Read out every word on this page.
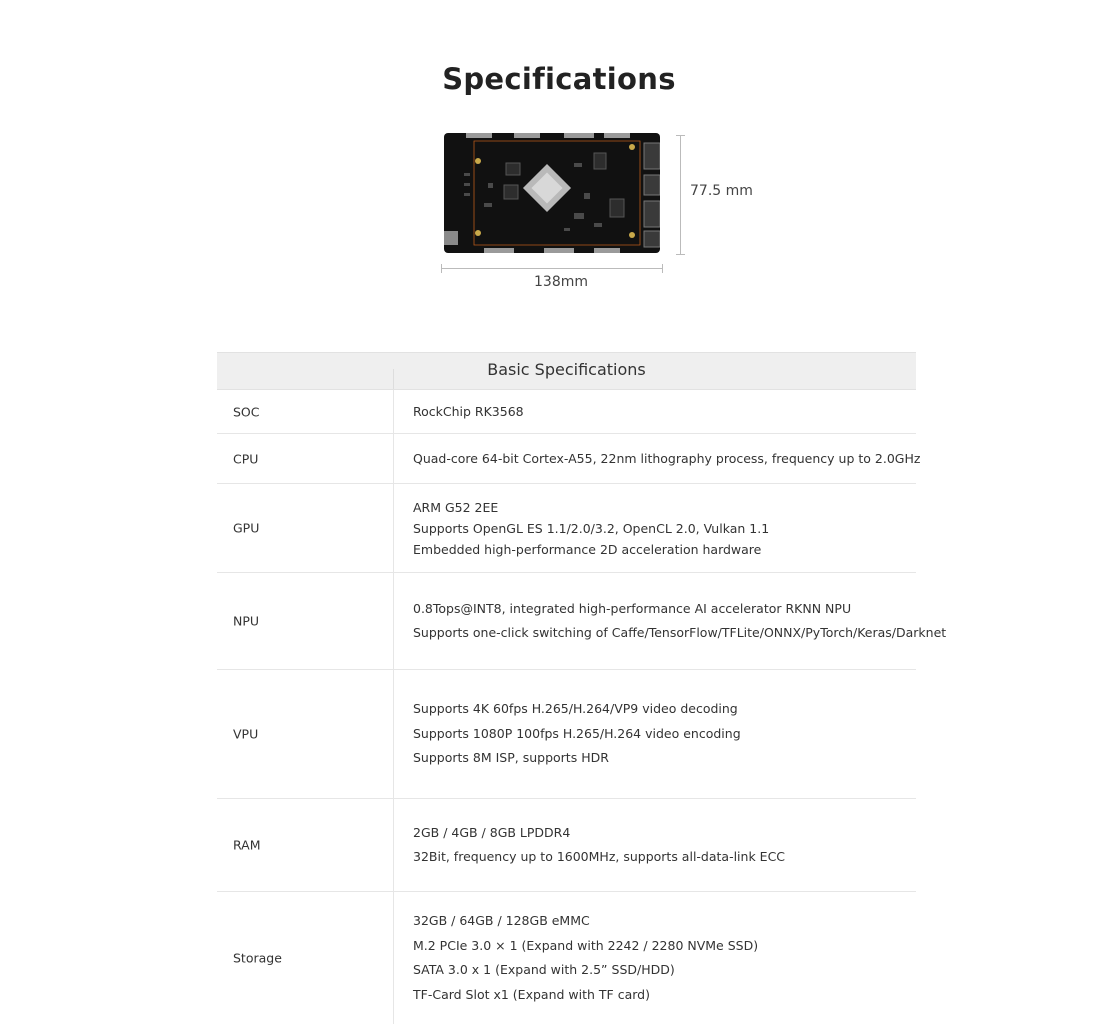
Specifications
77.5 mm
138mm
Basic Specifications
SOC	RockChip RK3568
CPU	Quad-core 64-bit Cortex-A55, 22nm lithography process, frequency up to 2.0GHz
GPU
ARM G52 2EE
Supports OpenGL ES 1.1/2.0/3.2, OpenCL 2.0, Vulkan 1.1
Embedded high-performance 2D acceleration hardware
NPU
0.8Tops@INT8, integrated high-performance AI accelerator RKNN NPU
Supports one-click switching of Caffe/TensorFlow/TFLite/ONNX/PyTorch/Keras/Darknet
VPU
Supports 4K 60fps H.265/H.264/VP9 video decoding
Supports 1080P 100fps H.265/H.264 video encoding
Supports 8M ISP, supports HDR
RAM
2GB / 4GB / 8GB LPDDR4
32Bit, frequency up to 1600MHz, supports all-data-link ECC
Storage
32GB / 64GB / 128GB eMMC
M.2 PCIe 3.0 × 1 (Expand with 2242 / 2280 NVMe SSD)
SATA 3.0 x 1 (Expand with 2.5” SSD/HDD)
TF-Card Slot x1 (Expand with TF card)
